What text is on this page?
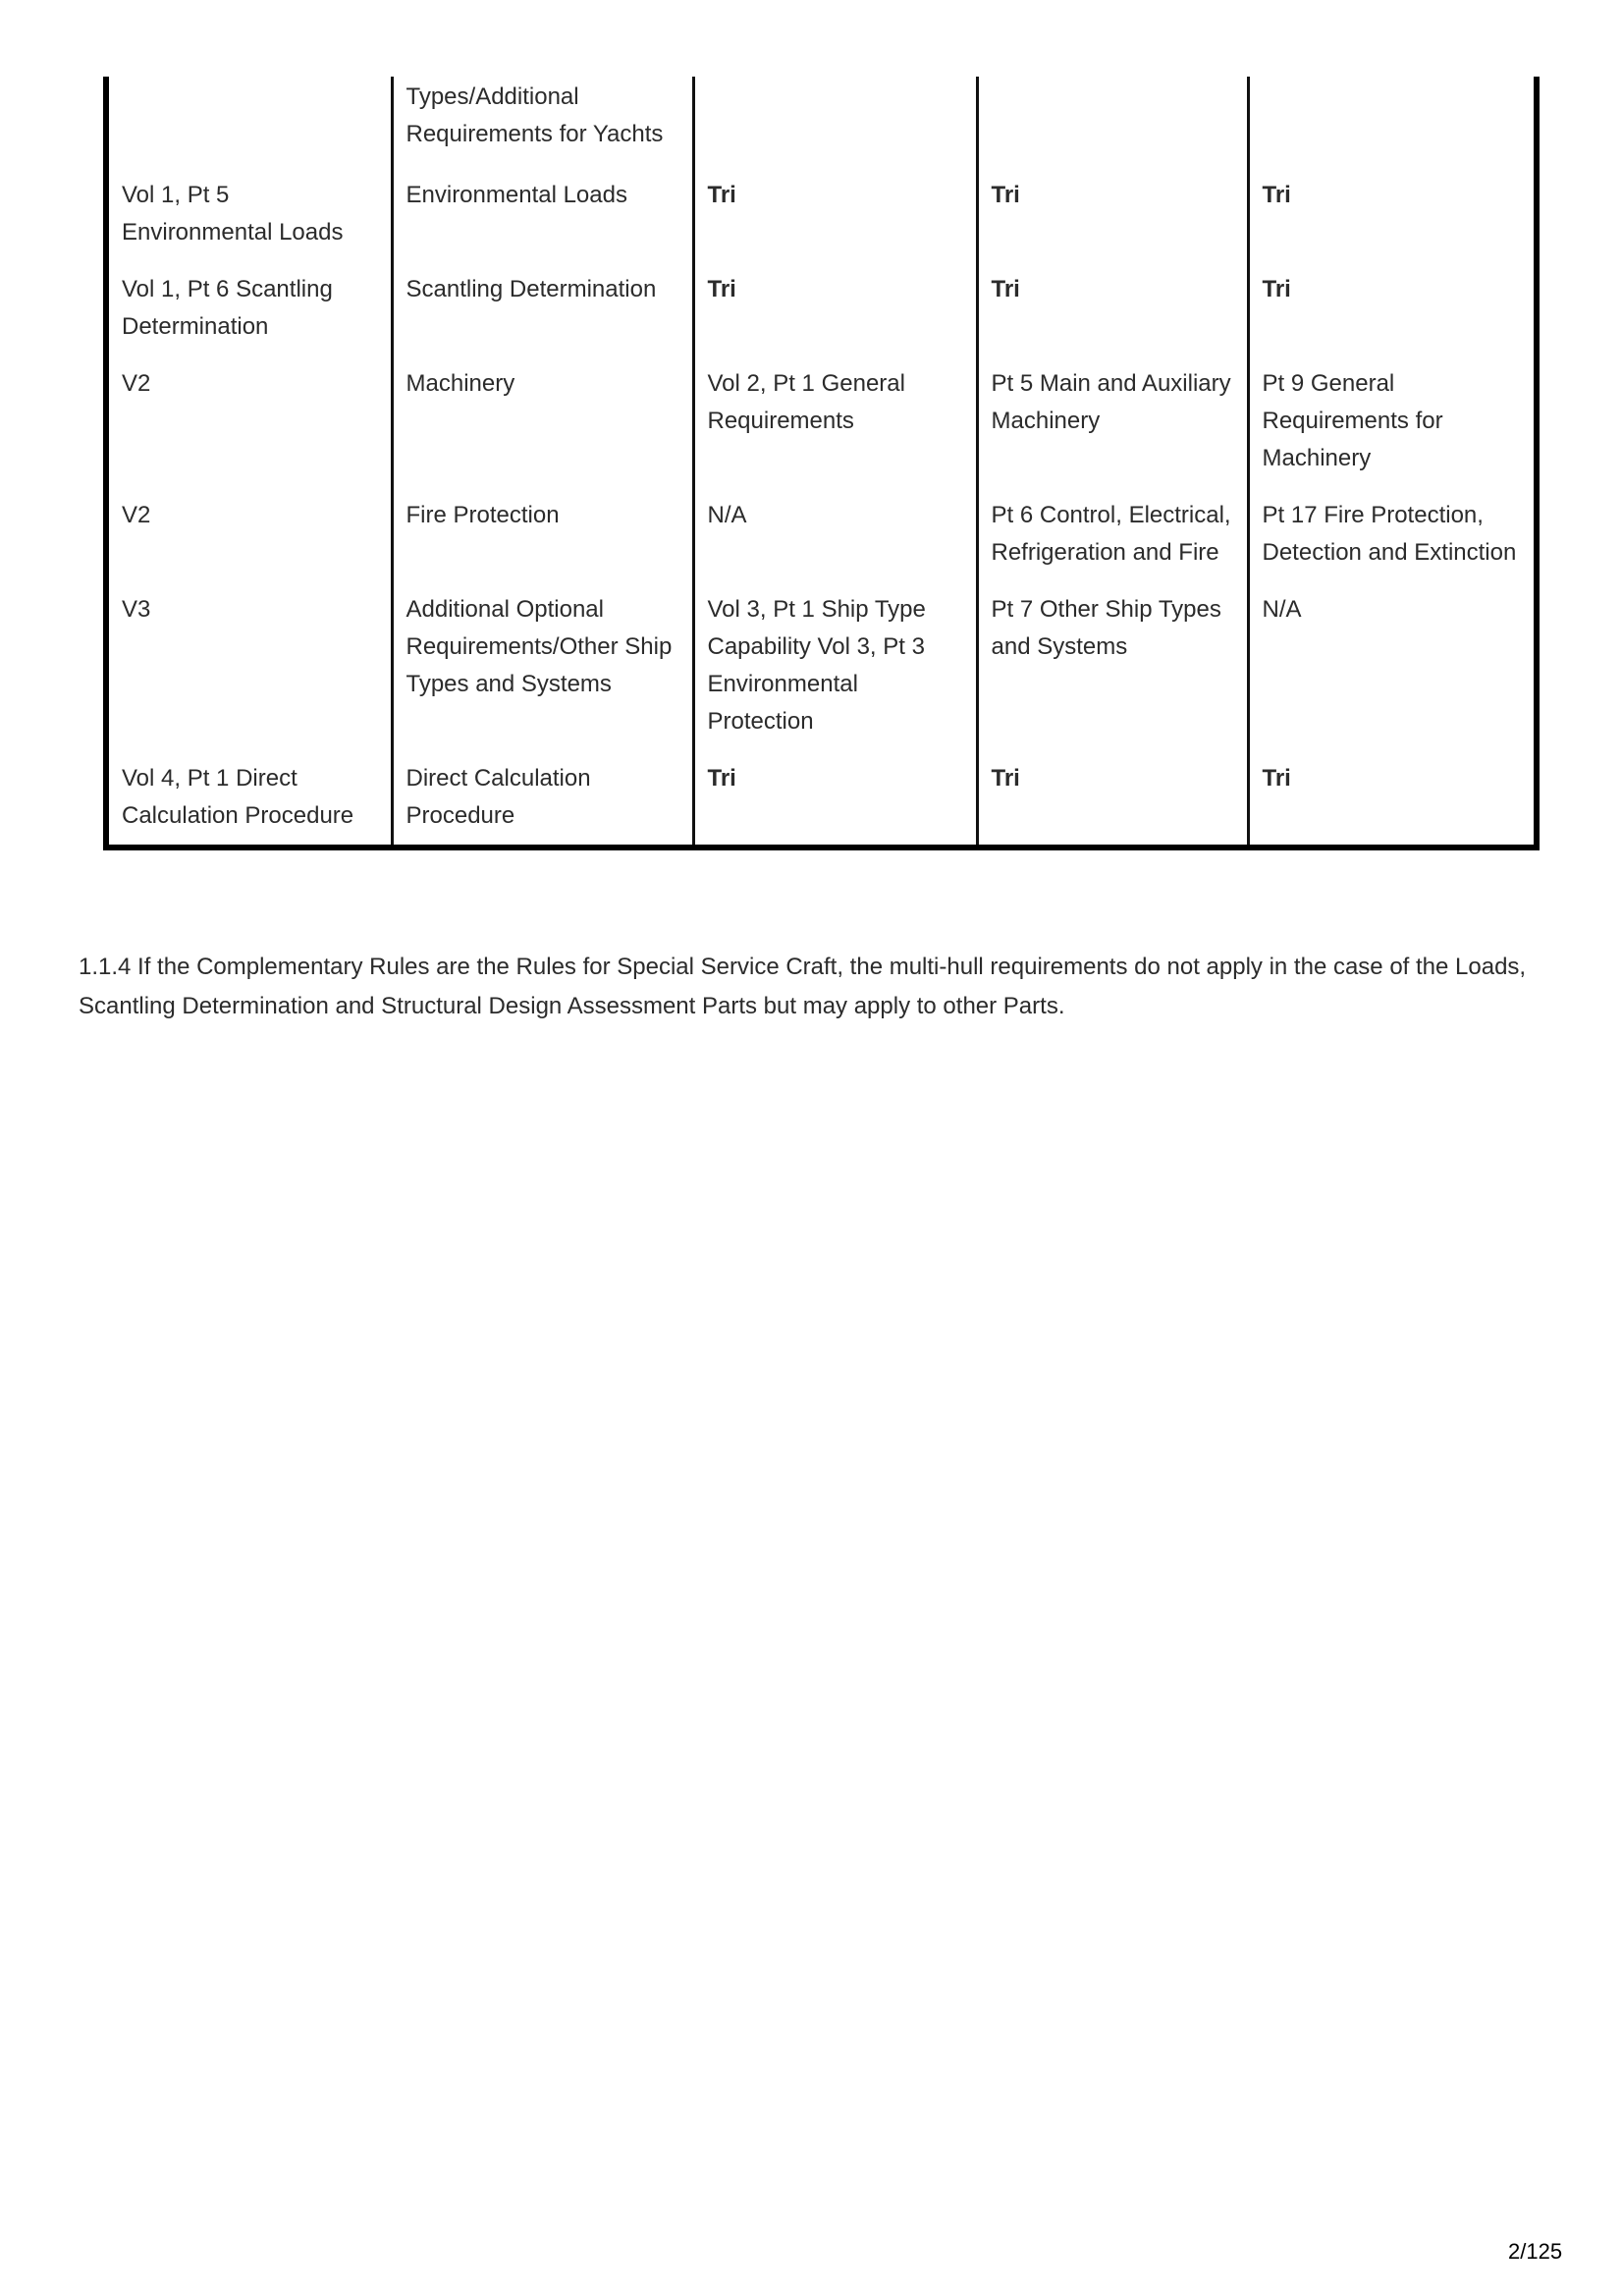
	Types/Additional Requirements for Yachts			
Vol 1, Pt 5 Environmental Loads	Environmental Loads	Tri	Tri	Tri
Vol 1, Pt 6 Scantling Determination	Scantling Determination	Tri	Tri	Tri
V2	Machinery	Vol 2, Pt 1 General Requirements	Pt 5 Main and Auxiliary Machinery	Pt 9 General Requirements for Machinery
V2	Fire Protection	N/A	Pt 6 Control, Electrical, Refrigeration and Fire	Pt 17 Fire Protection, Detection and Extinction
V3	Additional Optional Requirements/Other Ship Types and Systems	Vol 3, Pt 1 Ship Type Capability Vol 3, Pt 3 Environmental Protection	Pt 7 Other Ship Types and Systems	N/A
Vol 4, Pt 1 Direct Calculation Procedure	Direct Calculation Procedure	Tri	Tri	Tri

1.1.4 If the Complementary Rules are the Rules for Special Service Craft, the multi-hull requirements do not apply in the case of the Loads, Scantling Determination and Structural Design Assessment Parts but may apply to other Parts.

2/125
